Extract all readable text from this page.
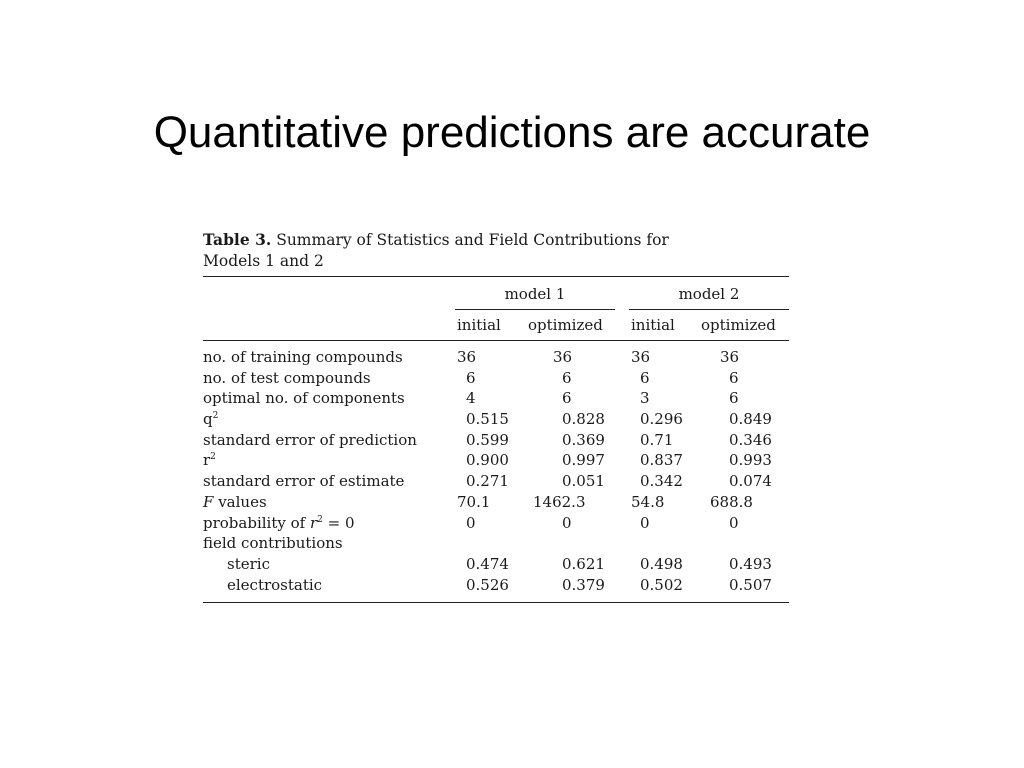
Quantitative predictions are accurate
Table 3. Summary of Statistics and Field Contributions for
Models 1 and 2
model 1	model 2
initial optimized initial optimized
no. of training compounds	36	36	36	36
no. of test compounds	6	6	6	6
optimal no. of components	4	6	3	6
$q^2$	0.515	0.828 0.296	0.849
standard error of prediction	0.599	0.369 0.71	0.346
$r^2$	0.900	0.997 0.837	0.993
standard error of estimate	0.271	0.051 0.342	0.074
F values	70.1	1462.3	54.8	688.8
probability of $r^2 = 0$	0	0	0	0
field contributions
steric	0.474	0.621 0.498	0.493
electrostatic	0.526	0.379 0.502	0.507
